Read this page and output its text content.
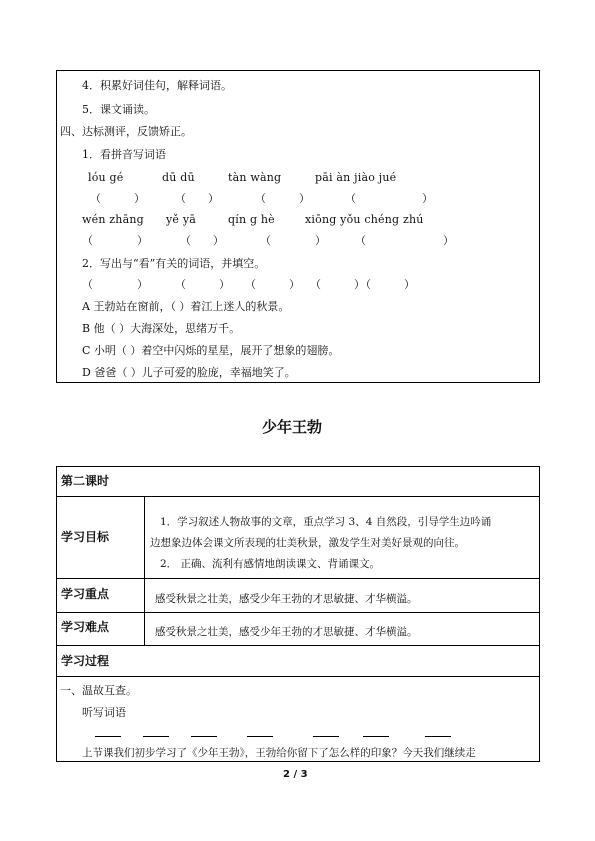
4．积累好词佳句，解释词语。
5．课文诵读。
四、达标测评，反馈矫正。
1．看拼音写词语
lóu gé	dū dū	tàn wàng	pāi àn jiào jué
（　　　）	（　　）	（　　　）	（　　　　　　）
wén zhāng yě yā	qín g hè	xiōng yǒu chéng zhú
（　　　　）	（　　）	（　　　　）	（　　　　　　　）
2．写出与“看”有关的词语，并填空。
（　　　　） （　　　） （　　　） （　　　）
（　　　）
A 王勃站在窗前，（ ）着江上迷人的秋景。
B 他（ ）大海深处，思绪万千。
C 小明（ ）着空中闪烁的星星，展开了想象的翅膀。
D 爸爸（ ）儿子可爱的脸庞，幸福地笑了。
少年王勃
第二课时
学习目标
1．学习叙述人物故事的文章，重点学习 3、4 自然段，引导学生边吟诵
边想象边体会课文所表现的壮美秋景，激发学生对美好景观的向往。
2． 正确、流利有感情地朗读课文、背诵课文。
学习重点	感受秋景之壮美，感受少年王勃的才思敏捷、才华横溢。
学习难点	感受秋景之壮美，感受少年王勃的才思敏捷、才华横溢。
学习过程
一、温故互查。
听写词语
上节课我们初步学习了《少年王勃》，王勃给你留下了怎么样的印象？今天我们继续走
2 / 3
